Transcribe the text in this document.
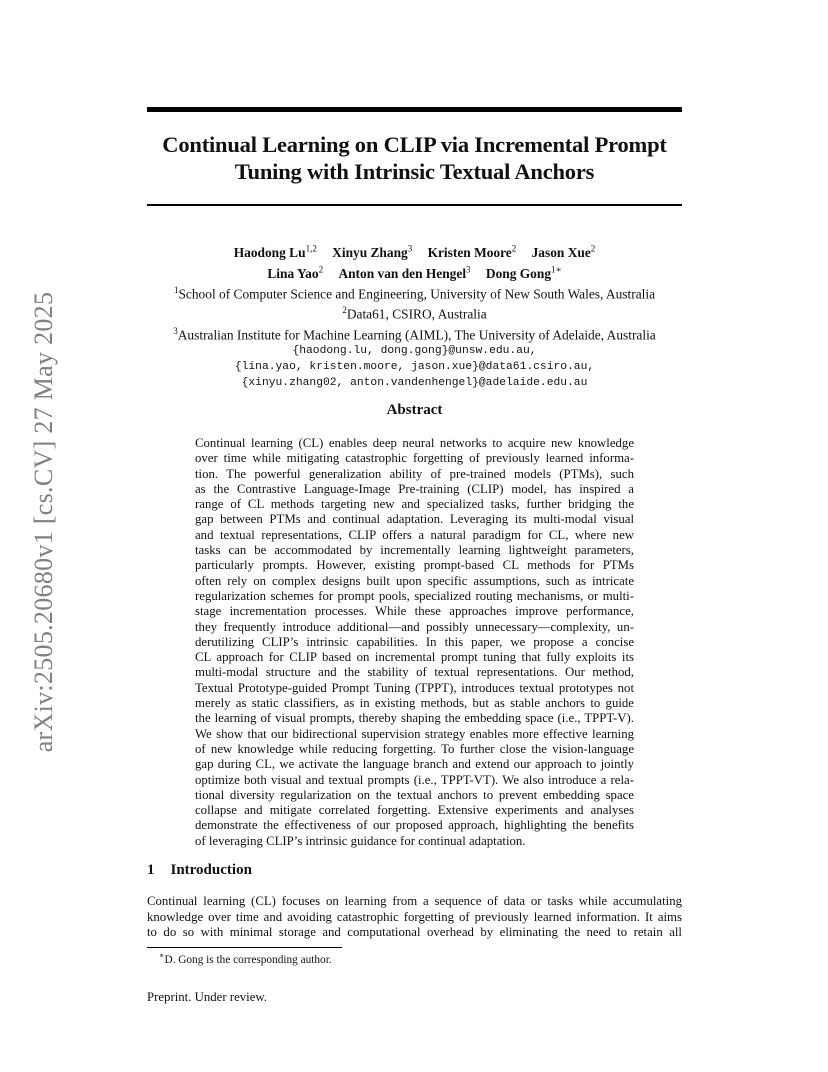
arXiv:2505.20680v1 [cs.CV] 27 May 2025
Continual Learning on CLIP via Incremental Prompt
Tuning with Intrinsic Textual Anchors
Haodong Lu$^{1,2}$ Xinyu Zhang$^3$ Kristen Moore$^2$ Jason Xue$^2$
Lina Yao$^2$ Anton van den Hengel$^3$ Dong Gong$^{1∗}$
$^1$School of Computer Science and Engineering, University of New South Wales, Australia
$^2$Data61, CSIRO, Australia
$^3$Australian Institute for Machine Learning (AIML), The University of Adelaide, Australia
{haodong.lu, dong.gong}@unsw.edu.au,
{lina.yao, kristen.moore, jason.xue}@data61.csiro.au,
{xinyu.zhang02, anton.vandenhengel}@adelaide.edu.au
Abstract
Continual learning (CL) enables deep neural networks to acquire new knowledge
over time while mitigating catastrophic forgetting of previously learned informa-
tion. The powerful generalization ability of pre-trained models (PTMs), such
as the Contrastive Language-Image Pre-training (CLIP) model, has inspired a
range of CL methods targeting new and specialized tasks, further bridging the
gap between PTMs and continual adaptation. Leveraging its multi-modal visual
and textual representations, CLIP offers a natural paradigm for CL, where new
tasks can be accommodated by incrementally learning lightweight parameters,
particularly prompts. However, existing prompt-based CL methods for PTMs
often rely on complex designs built upon specific assumptions, such as intricate
regularization schemes for prompt pools, specialized routing mechanisms, or multi-
stage incrementation processes. While these approaches improve performance,
they frequently introduce additional—and possibly unnecessary—complexity, un-
derutilizing CLIP’s intrinsic capabilities. In this paper, we propose a concise
CL approach for CLIP based on incremental prompt tuning that fully exploits its
multi-modal structure and the stability of textual representations. Our method,
Textual Prototype-guided Prompt Tuning (TPPT), introduces textual prototypes not
merely as static classifiers, as in existing methods, but as stable anchors to guide
the learning of visual prompts, thereby shaping the embedding space (i.e., TPPT-V).
We show that our bidirectional supervision strategy enables more effective learning
of new knowledge while reducing forgetting. To further close the vision-language
gap during CL, we activate the language branch and extend our approach to jointly
optimize both visual and textual prompts (i.e., TPPT-VT). We also introduce a rela-
tional diversity regularization on the textual anchors to prevent embedding space
collapse and mitigate correlated forgetting. Extensive experiments and analyses
demonstrate the effectiveness of our proposed approach, highlighting the benefits
of leveraging CLIP’s intrinsic guidance for continual adaptation.
1 Introduction
Continual learning (CL) focuses on learning from a sequence of data or tasks while accumulating
knowledge over time and avoiding catastrophic forgetting of previously learned information. It aims
to do so with minimal storage and computational overhead by eliminating the need to retain all
∗D. Gong is the corresponding author.
Preprint. Under review.
